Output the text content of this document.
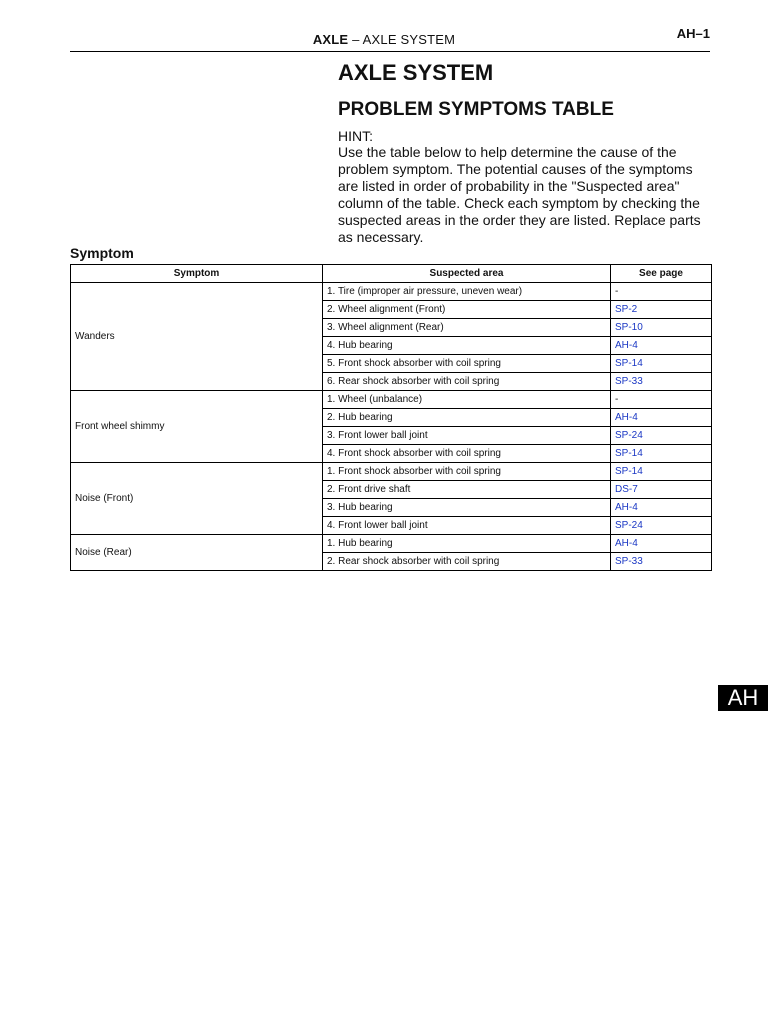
AXLE – AXLE SYSTEM	AH–1
AXLE SYSTEM
PROBLEM SYMPTOMS TABLE
HINT:
Use the table below to help determine the cause of the problem symptom. The potential causes of the symptoms are listed in order of probability in the "Suspected area" column of the table. Check each symptom by checking the suspected areas in the order they are listed. Replace parts as necessary.
Symptom
Symptom	Suspected area	See page
Wanders	1. Tire (improper air pressure, uneven wear)	-
	2. Wheel alignment (Front)	SP-2
	3. Wheel alignment (Rear)	SP-10
	4. Hub bearing	AH-4
	5. Front shock absorber with coil spring	SP-14
	6. Rear shock absorber with coil spring	SP-33
Front wheel shimmy	1. Wheel (unbalance)	-
	2. Hub bearing	AH-4
	3. Front lower ball joint	SP-24
	4. Front shock absorber with coil spring	SP-14
Noise (Front)	1. Front shock absorber with coil spring	SP-14
	2. Front drive shaft	DS-7
	3. Hub bearing	AH-4
	4. Front lower ball joint	SP-24
Noise (Rear)	1. Hub bearing	AH-4
	2. Rear shock absorber with coil spring	SP-33
AH
